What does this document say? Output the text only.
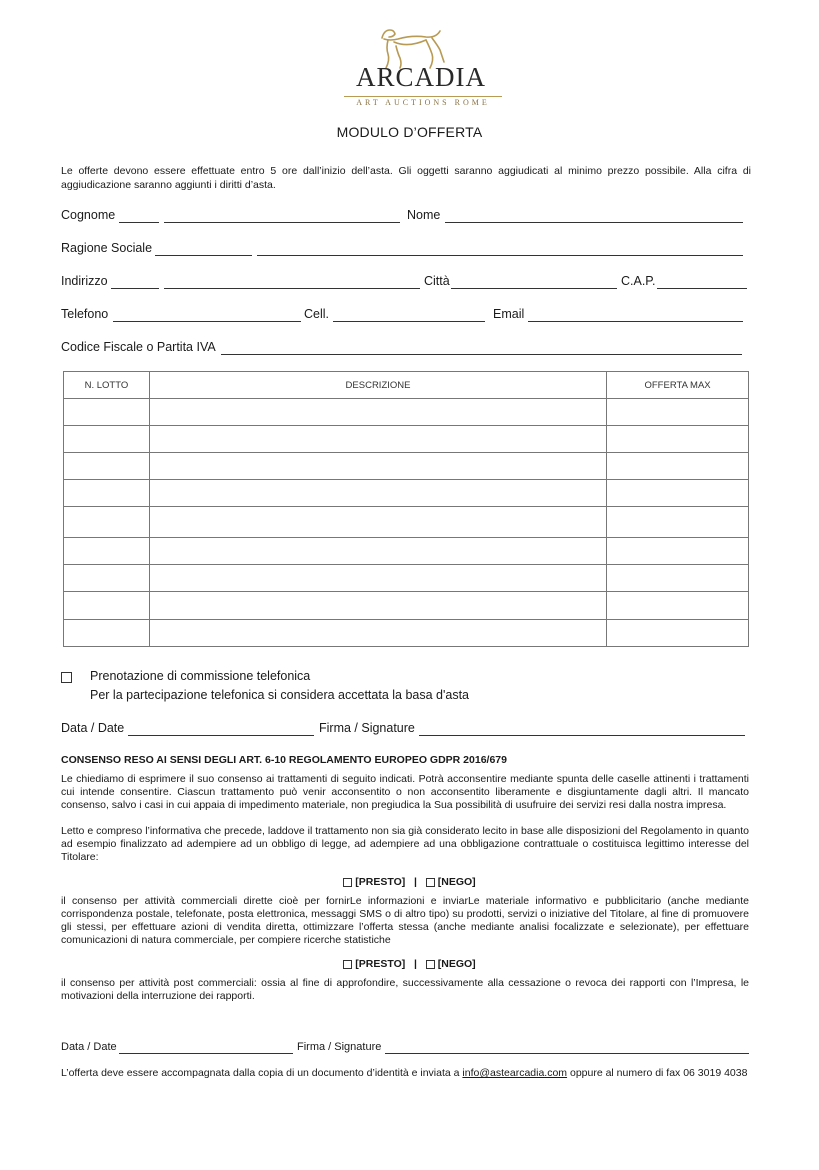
ARCADIA
ART AUCTIONS ROME
MODULO D’OFFERTA
Le offerte devono essere effettuate entro 5 ore dall’inizio dell’asta. Gli oggetti saranno aggiudicati al minimo prezzo possibile. Alla cifra di aggiudicazione saranno aggiunti i diritti d’asta.
Cognome	Nome
Ragione Sociale
Indirizzo	Città	C.A.P.
Telefono	Cell.	Email
Codice Fiscale o Partita IVA
N. LOTTO	DESCRIZIONE	OFFERTA MAX

Prenotazione di commissione telefonica
Per la partecipazione telefonica si considera accettata la basa d'asta
Data / Date	Firma / Signature
CONSENSO RESO AI SENSI DEGLI ART. 6-10 REGOLAMENTO EUROPEO GDPR 2016/679
Le chiediamo di esprimere il suo consenso ai trattamenti di seguito indicati. Potrà acconsentire mediante spunta delle caselle attinenti i trattamenti cui intende consentire. Ciascun trattamento può venir acconsentito o non acconsentito liberamente e disgiuntamente dagli altri. Il mancato consenso, salvo i casi in cui appaia di impedimento materiale, non pregiudica la Sua possibilità di usufruire dei servizi resi dalla nostra impresa.
Letto e compreso l’informativa che precede, laddove il trattamento non sia già considerato lecito in base alle disposizioni del Regolamento in quanto ad esempio finalizzato ad adempiere ad un obbligo di legge, ad adempiere ad una obbligazione contrattuale o costituisca legittimo interesse del Titolare:
[PRESTO] | [NEGO]
il consenso per attività commerciali dirette cioè per fornirLe informazioni e inviarLe materiale informativo e pubblicitario (anche mediante corrispondenza postale, telefonate, posta elettronica, messaggi SMS o di altro tipo) su prodotti, servizi o iniziative del Titolare, al fine di promuovere gli stessi, per effettuare azioni di vendita diretta, ottimizzare l’offerta stessa (anche mediante analisi focalizzate e selezionate), per effettuare comunicazioni di natura commerciale, per compiere ricerche statistiche
[PRESTO] | [NEGO]
il consenso per attività post commerciali: ossia al fine di approfondire, successivamente alla cessazione o revoca dei rapporti con l’Impresa, le motivazioni della interruzione dei rapporti.
Data / Date	Firma / Signature
L’offerta deve essere accompagnata dalla copia di un documento d’identità e inviata a info@astearcadia.com oppure al numero di fax 06 3019 4038
